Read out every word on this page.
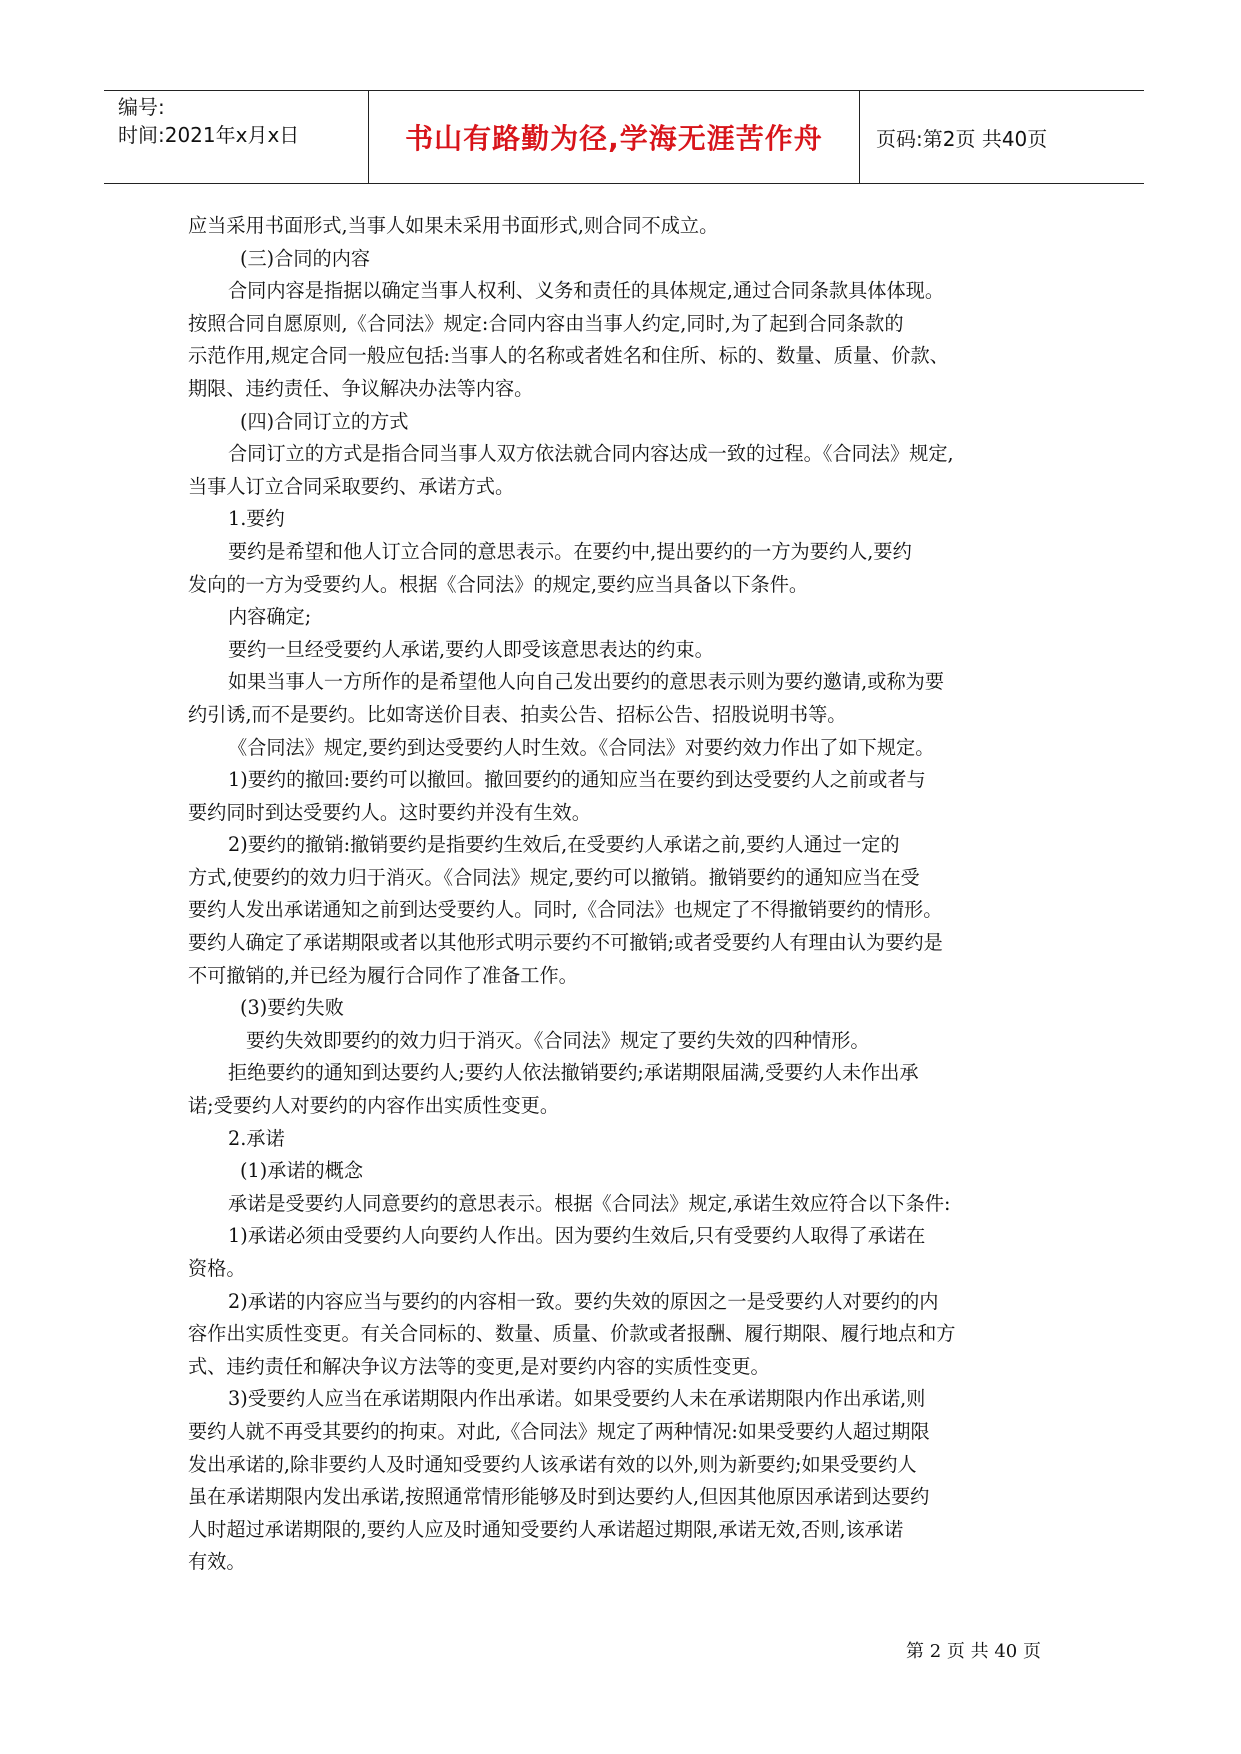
编号:
时间:2021年x月x日	书山有路勤为径,学海无涯苦作舟	页码:第2页 共40页

应当采用书面形式,当事人如果未采用书面形式,则合同不成立。

(三)合同的内容

合同内容是指据以确定当事人权利、义务和责任的具体规定,通过合同条款具体体现。

按照合同自愿原则,《合同法》规定:合同内容由当事人约定,同时,为了起到合同条款的

示范作用,规定合同一般应包括:当事人的名称或者姓名和住所、标的、数量、质量、价款、

期限、违约责任、争议解决办法等内容。

(四)合同订立的方式

合同订立的方式是指合同当事人双方依法就合同内容达成一致的过程。《合同法》规定,

当事人订立合同采取要约、承诺方式。

1.要约

要约是希望和他人订立合同的意思表示。在要约中,提出要约的一方为要约人,要约

发向的一方为受要约人。根据《合同法》的规定,要约应当具备以下条件。

内容确定;

要约一旦经受要约人承诺,要约人即受该意思表达的约束。

如果当事人一方所作的是希望他人向自己发出要约的意思表示则为要约邀请,或称为要

约引诱,而不是要约。比如寄送价目表、拍卖公告、招标公告、招股说明书等。

《合同法》规定,要约到达受要约人时生效。《合同法》对要约效力作出了如下规定。

1)要约的撤回:要约可以撤回。撤回要约的通知应当在要约到达受要约人之前或者与

要约同时到达受要约人。这时要约并没有生效。

2)要约的撤销:撤销要约是指要约生效后,在受要约人承诺之前,要约人通过一定的

方式,使要约的效力归于消灭。《合同法》规定,要约可以撤销。撤销要约的通知应当在受

要约人发出承诺通知之前到达受要约人。同时,《合同法》也规定了不得撤销要约的情形。

要约人确定了承诺期限或者以其他形式明示要约不可撤销;或者受要约人有理由认为要约是

不可撤销的,并已经为履行合同作了准备工作。

(3)要约失败

要约失效即要约的效力归于消灭。《合同法》规定了要约失效的四种情形。

拒绝要约的通知到达要约人;要约人依法撤销要约;承诺期限届满,受要约人未作出承

诺;受要约人对要约的内容作出实质性变更。

2.承诺

(1)承诺的概念

承诺是受要约人同意要约的意思表示。根据《合同法》规定,承诺生效应符合以下条件:

1)承诺必须由受要约人向要约人作出。因为要约生效后,只有受要约人取得了承诺在

资格。

2)承诺的内容应当与要约的内容相一致。要约失效的原因之一是受要约人对要约的内

容作出实质性变更。有关合同标的、数量、质量、价款或者报酬、履行期限、履行地点和方

式、违约责任和解决争议方法等的变更,是对要约内容的实质性变更。

3)受要约人应当在承诺期限内作出承诺。如果受要约人未在承诺期限内作出承诺,则

要约人就不再受其要约的拘束。对此,《合同法》规定了两种情况:如果受要约人超过期限

发出承诺的,除非要约人及时通知受要约人该承诺有效的以外,则为新要约;如果受要约人

虽在承诺期限内发出承诺,按照通常情形能够及时到达要约人,但因其他原因承诺到达要约

人时超过承诺期限的,要约人应及时通知受要约人承诺超过期限,承诺无效,否则,该承诺

有效。

第 2 页 共 40 页
